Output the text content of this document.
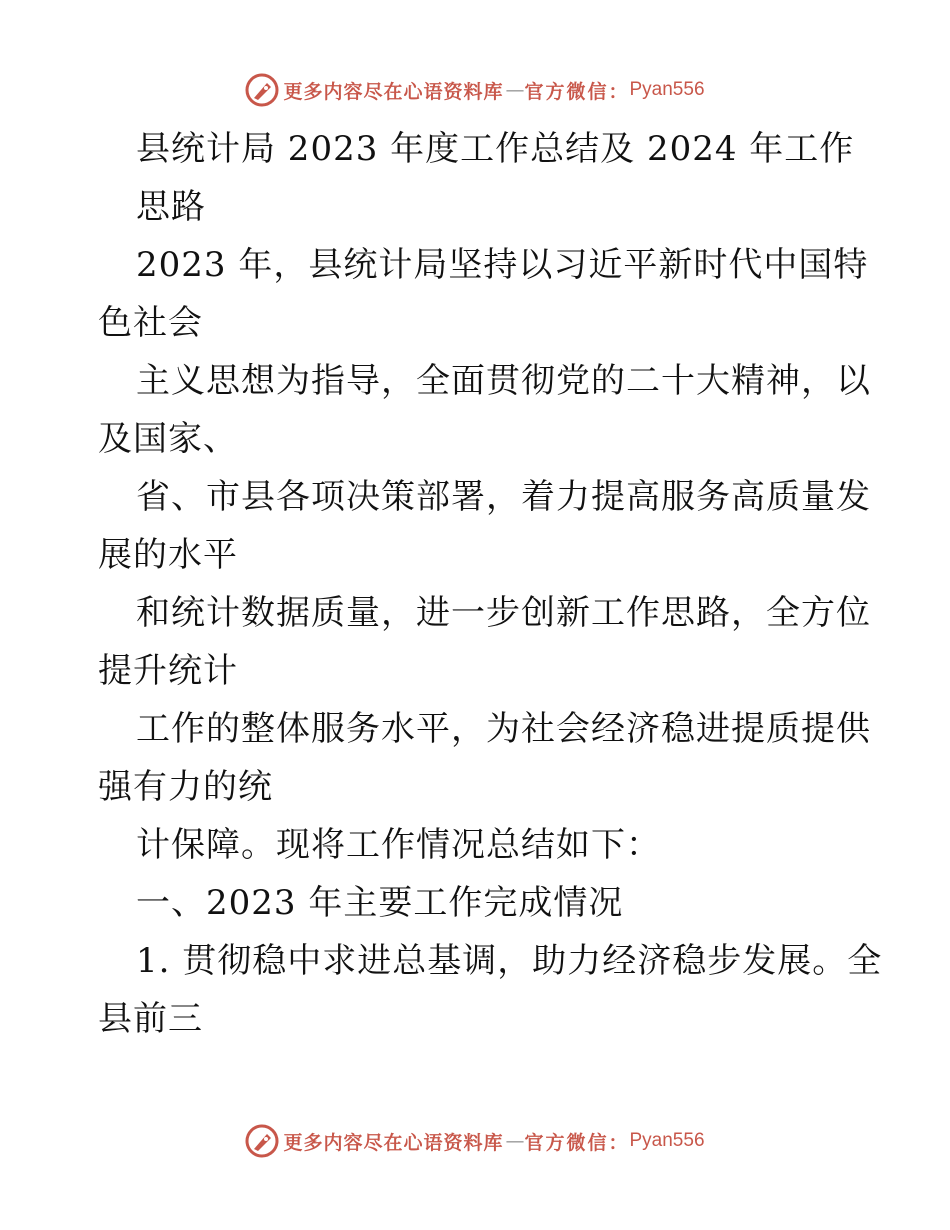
更多内容尽在心语资料库 — 官方微信： Pyan556
县统计局 2023 年度工作总结及 2024 年工作
思路
2023 年，县统计局坚持以习近平新时代中国特
色社会
主义思想为指导，全面贯彻党的二十大精神，以
及国家、
省、市县各项决策部署，着力提高服务高质量发
展的水平
和统计数据质量，进一步创新工作思路，全方位
提升统计
工作的整体服务水平，为社会经济稳进提质提供
强有力的统
计保障。现将工作情况总结如下：
一、2023 年主要工作完成情况
1. 贯彻稳中求进总基调，助力经济稳步发展。全
县前三
更多内容尽在心语资料库 — 官方微信： Pyan556
